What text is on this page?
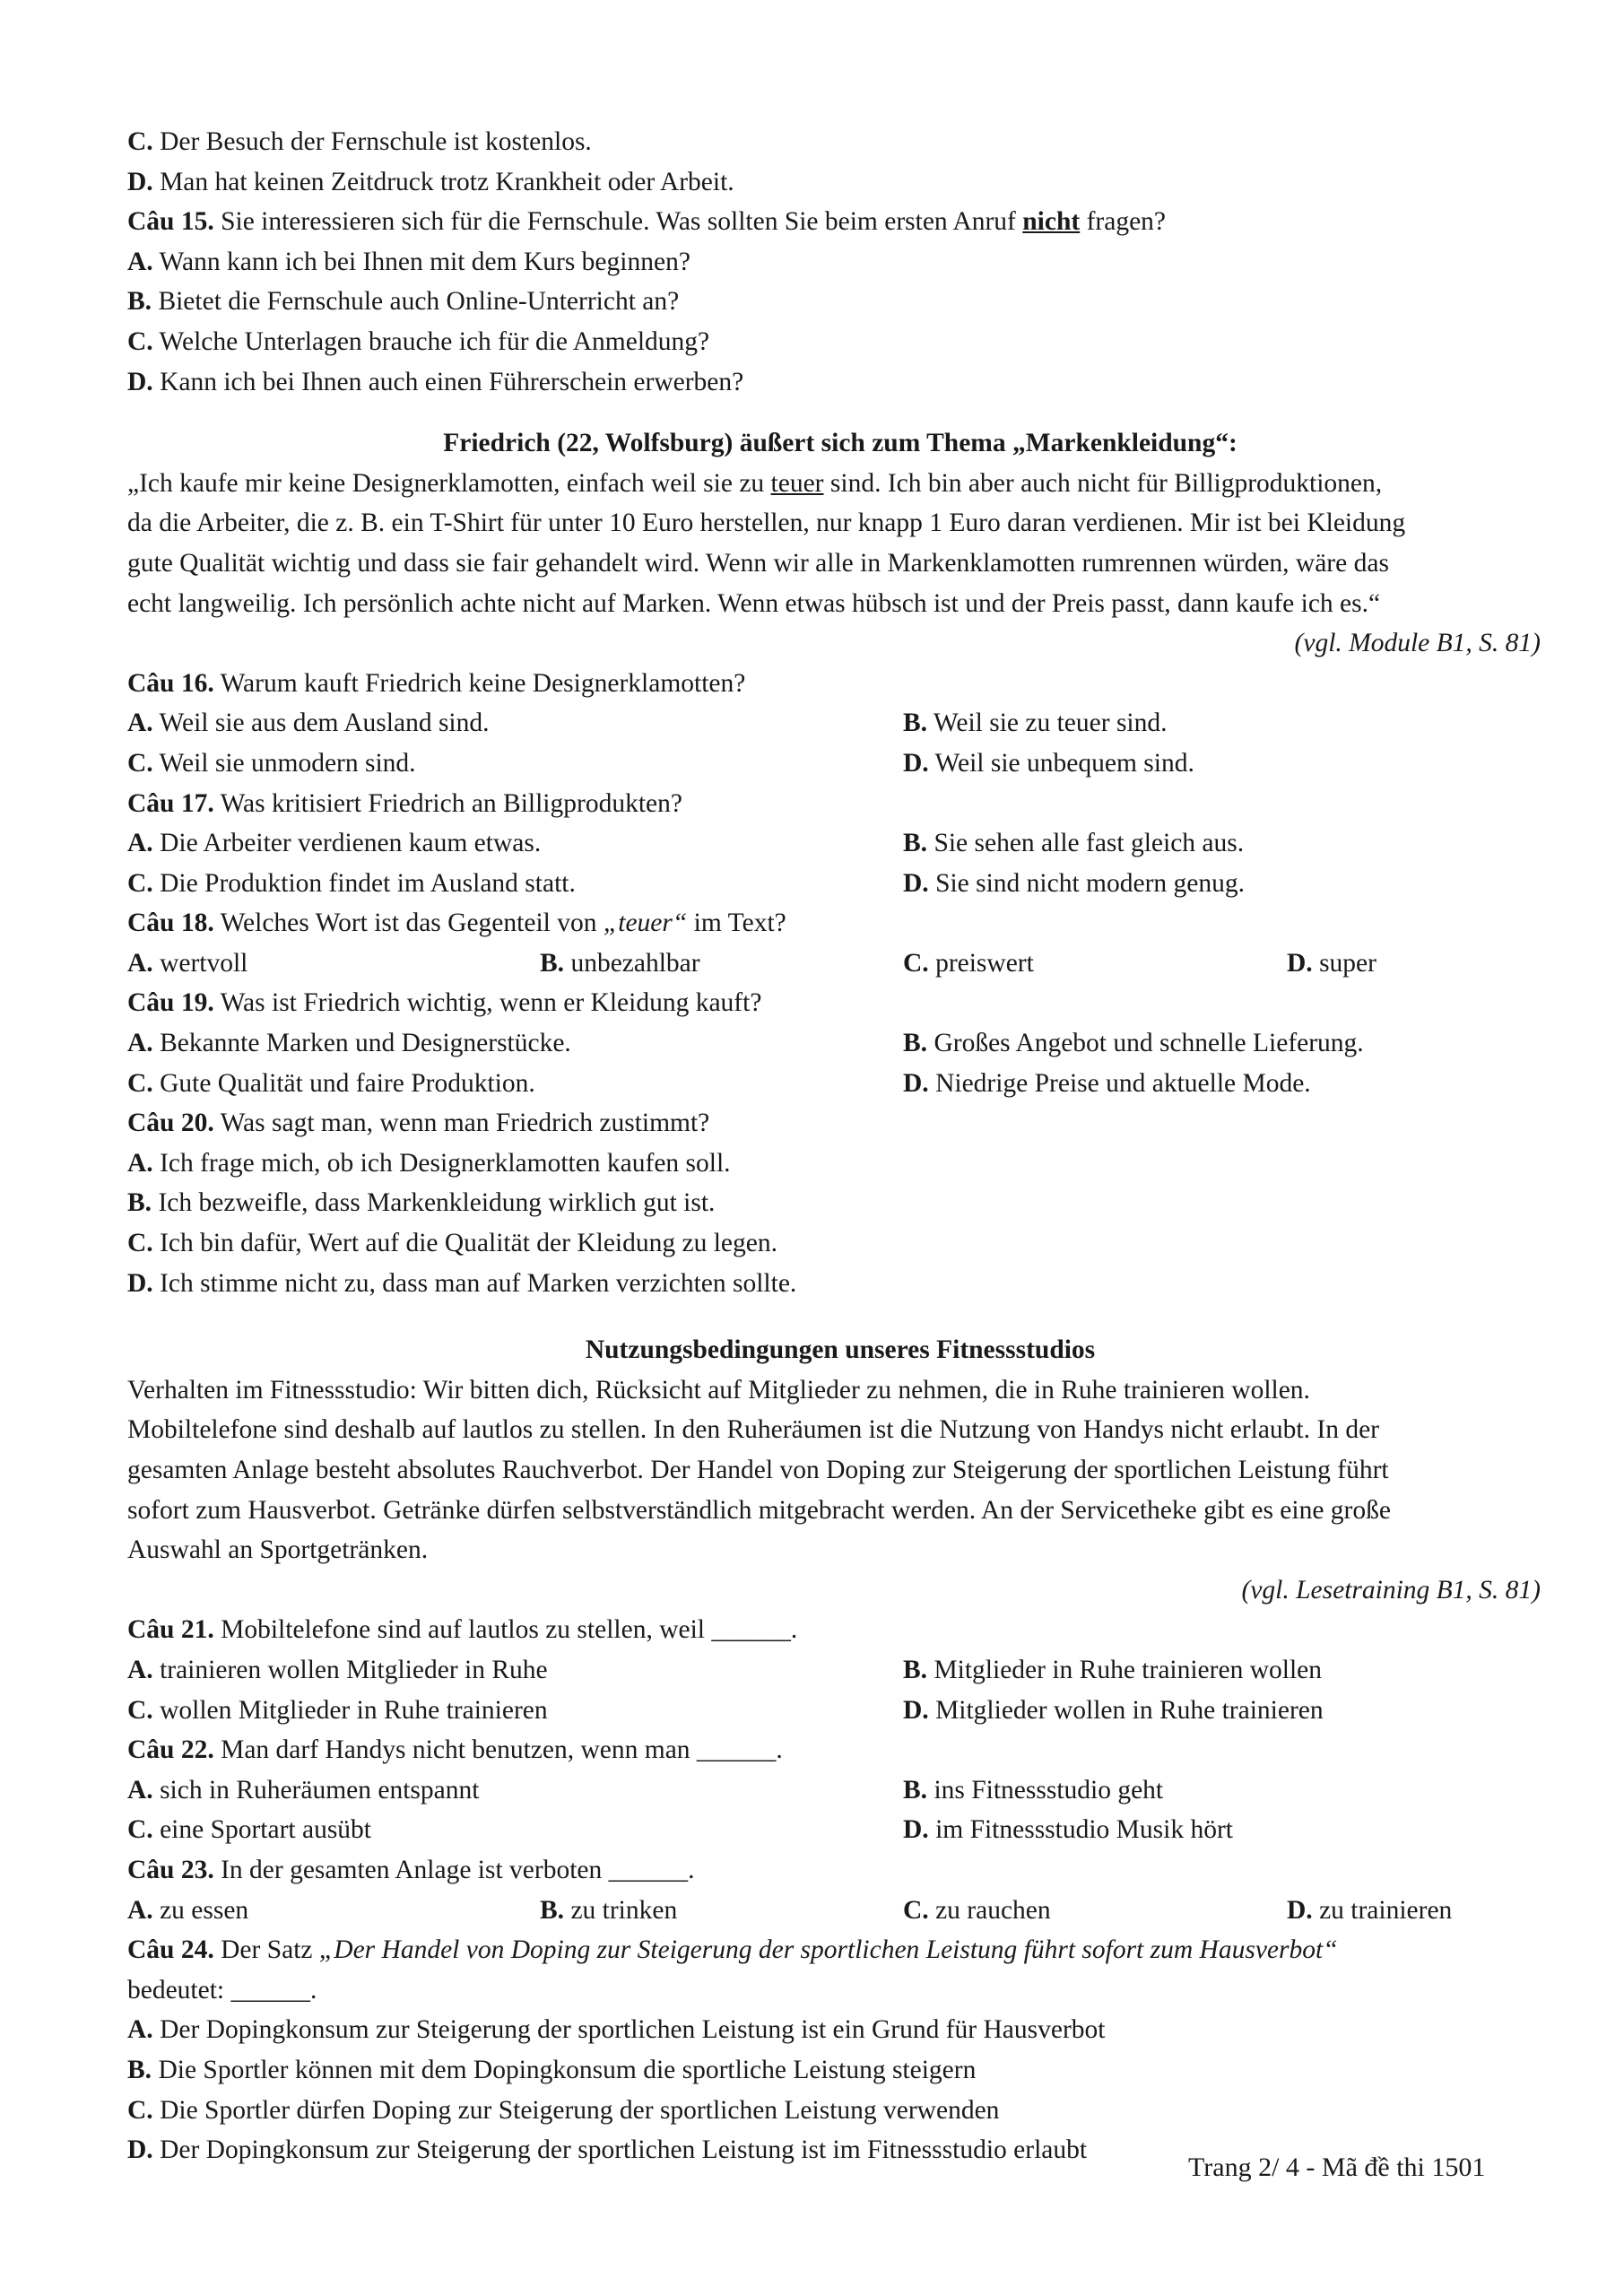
C. Der Besuch der Fernschule ist kostenlos.
D. Man hat keinen Zeitdruck trotz Krankheit oder Arbeit.
Câu 15. Sie interessieren sich für die Fernschule. Was sollten Sie beim ersten Anruf nicht fragen?
A. Wann kann ich bei Ihnen mit dem Kurs beginnen?
B. Bietet die Fernschule auch Online-Unterricht an?
C. Welche Unterlagen brauche ich für die Anmeldung?
D. Kann ich bei Ihnen auch einen Führerschein erwerben?
Friedrich (22, Wolfsburg) äußert sich zum Thema „Markenkleidung“:
„Ich kaufe mir keine Designerklamotten, einfach weil sie zu teuer sind. Ich bin aber auch nicht für Billigproduktionen,
da die Arbeiter, die z. B. ein T-Shirt für unter 10 Euro herstellen, nur knapp 1 Euro daran verdienen. Mir ist bei Kleidung
gute Qualität wichtig und dass sie fair gehandelt wird. Wenn wir alle in Markenklamotten rumrennen würden, wäre das
echt langweilig. Ich persönlich achte nicht auf Marken. Wenn etwas hübsch ist und der Preis passt, dann kaufe ich es.“
(vgl. Module B1, S. 81)
Câu 16. Warum kauft Friedrich keine Designerklamotten?
A. Weil sie aus dem Ausland sind.	B. Weil sie zu teuer sind.
C. Weil sie unmodern sind.	D. Weil sie unbequem sind.
Câu 17. Was kritisiert Friedrich an Billigprodukten?
A. Die Arbeiter verdienen kaum etwas.	B. Sie sehen alle fast gleich aus.
C. Die Produktion findet im Ausland statt.	D. Sie sind nicht modern genug.
Câu 18. Welches Wort ist das Gegenteil von „teuer“ im Text?
A. wertvoll	B. unbezahlbar	C. preiswert	D. super
Câu 19. Was ist Friedrich wichtig, wenn er Kleidung kauft?
A. Bekannte Marken und Designerstücke.	B. Großes Angebot und schnelle Lieferung.
C. Gute Qualität und faire Produktion.	D. Niedrige Preise und aktuelle Mode.
Câu 20. Was sagt man, wenn man Friedrich zustimmt?
A. Ich frage mich, ob ich Designerklamotten kaufen soll.
B. Ich bezweifle, dass Markenkleidung wirklich gut ist.
C. Ich bin dafür, Wert auf die Qualität der Kleidung zu legen.
D. Ich stimme nicht zu, dass man auf Marken verzichten sollte.
Nutzungsbedingungen unseres Fitnessstudios
Verhalten im Fitnessstudio: Wir bitten dich, Rücksicht auf Mitglieder zu nehmen, die in Ruhe trainieren wollen.
Mobiltelefone sind deshalb auf lautlos zu stellen. In den Ruheräumen ist die Nutzung von Handys nicht erlaubt. In der
gesamten Anlage besteht absolutes Rauchverbot. Der Handel von Doping zur Steigerung der sportlichen Leistung führt
sofort zum Hausverbot. Getränke dürfen selbstverständlich mitgebracht werden. An der Servicetheke gibt es eine große
Auswahl an Sportgetränken.
(vgl. Lesetraining B1, S. 81)
Câu 21. Mobiltelefone sind auf lautlos zu stellen, weil ______.
A. trainieren wollen Mitglieder in Ruhe	B. Mitglieder in Ruhe trainieren wollen
C. wollen Mitglieder in Ruhe trainieren	D. Mitglieder wollen in Ruhe trainieren
Câu 22. Man darf Handys nicht benutzen, wenn man ______.
A. sich in Ruheräumen entspannt	B. ins Fitnessstudio geht
C. eine Sportart ausübt	D. im Fitnessstudio Musik hört
Câu 23. In der gesamten Anlage ist verboten ______.
A. zu essen	B. zu trinken	C. zu rauchen	D. zu trainieren
Câu 24. Der Satz „Der Handel von Doping zur Steigerung der sportlichen Leistung führt sofort zum Hausverbot“
bedeutet: ______.
A. Der Dopingkonsum zur Steigerung der sportlichen Leistung ist ein Grund für Hausverbot
B. Die Sportler können mit dem Dopingkonsum die sportliche Leistung steigern
C. Die Sportler dürfen Doping zur Steigerung der sportlichen Leistung verwenden
D. Der Dopingkonsum zur Steigerung der sportlichen Leistung ist im Fitnessstudio erlaubt
Trang 2/ 4 - Mã đề thi 1501
